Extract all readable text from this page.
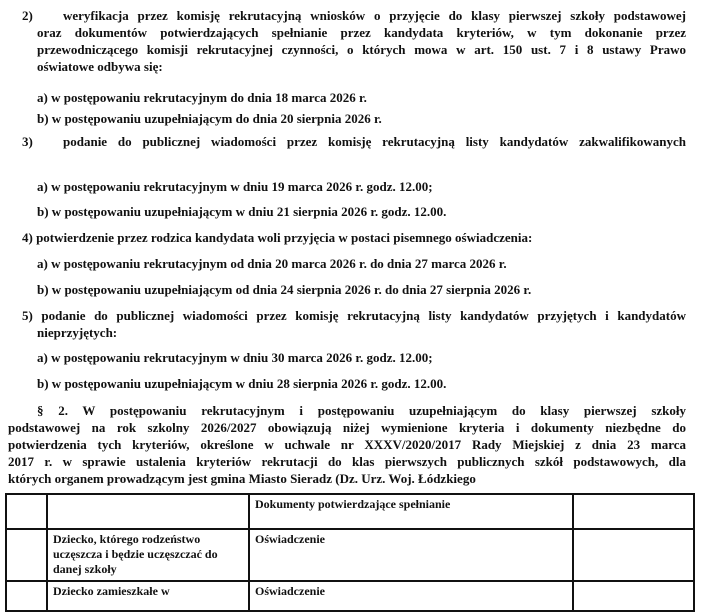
2) weryfikacja przez komisję rekrutacyjną wniosków o przyjęcie do klasy pierwszej szkoły podstawowej
oraz dokumentów potwierdzających spełnianie przez kandydata kryteriów, w tym dokonanie przez
przewodniczącego komisji rekrutacyjnej czynności, o których mowa w art. 150 ust. 7 i 8 ustawy Prawo
oświatowe odbywa się:
a) w postępowaniu rekrutacyjnym do dnia 18 marca 2026 r.
b) w postępowaniu uzupełniającym do dnia 20 sierpnia 2026 r.
3) podanie do publicznej wiadomości przez komisję rekrutacyjną listy kandydatów zakwalifikowanych
a) w postępowaniu rekrutacyjnym w dniu 19 marca 2026 r. godz. 12.00;
b) w postępowaniu uzupełniającym w dniu 21 sierpnia 2026 r. godz. 12.00.
4) potwierdzenie przez rodzica kandydata woli przyjęcia w postaci pisemnego oświadczenia:
a) w postępowaniu rekrutacyjnym od dnia 20 marca 2026 r. do dnia 27 marca 2026 r.
b) w postępowaniu uzupełniającym od dnia 24 sierpnia 2026 r. do dnia 27 sierpnia 2026 r.
5) podanie do publicznej wiadomości przez komisję rekrutacyjną listy kandydatów przyjętych i kandydatów
nieprzyjętych:
a) w postępowaniu rekrutacyjnym w dniu 30 marca 2026 r. godz. 12.00;
b) w postępowaniu uzupełniającym w dniu 28 sierpnia 2026 r. godz. 12.00.
§ 2. W postępowaniu rekrutacyjnym i postępowaniu uzupełniającym do klasy pierwszej szkoły
podstawowej na rok szkolny 2026/2027 obowiązują niżej wymienione kryteria i dokumenty niezbędne do
potwierdzenia tych kryteriów, określone w uchwale nr XXXV/2020/2017 Rady Miejskiej z dnia 23 marca
2017 r. w sprawie ustalenia kryteriów rekrutacji do klas pierwszych publicznych szkół podstawowych, dla
których organem prowadzącym jest gmina Miasto Sieradz (Dz. Urz. Woj. Łódzkiego
		Dokumenty potwierdzające spełnianie	
	Dziecko, którego rodzeństwo uczęszcza i będzie uczęszczać do danej szkoły	Oświadczenie	
	Dziecko zamieszkałe w	Oświadczenie	
